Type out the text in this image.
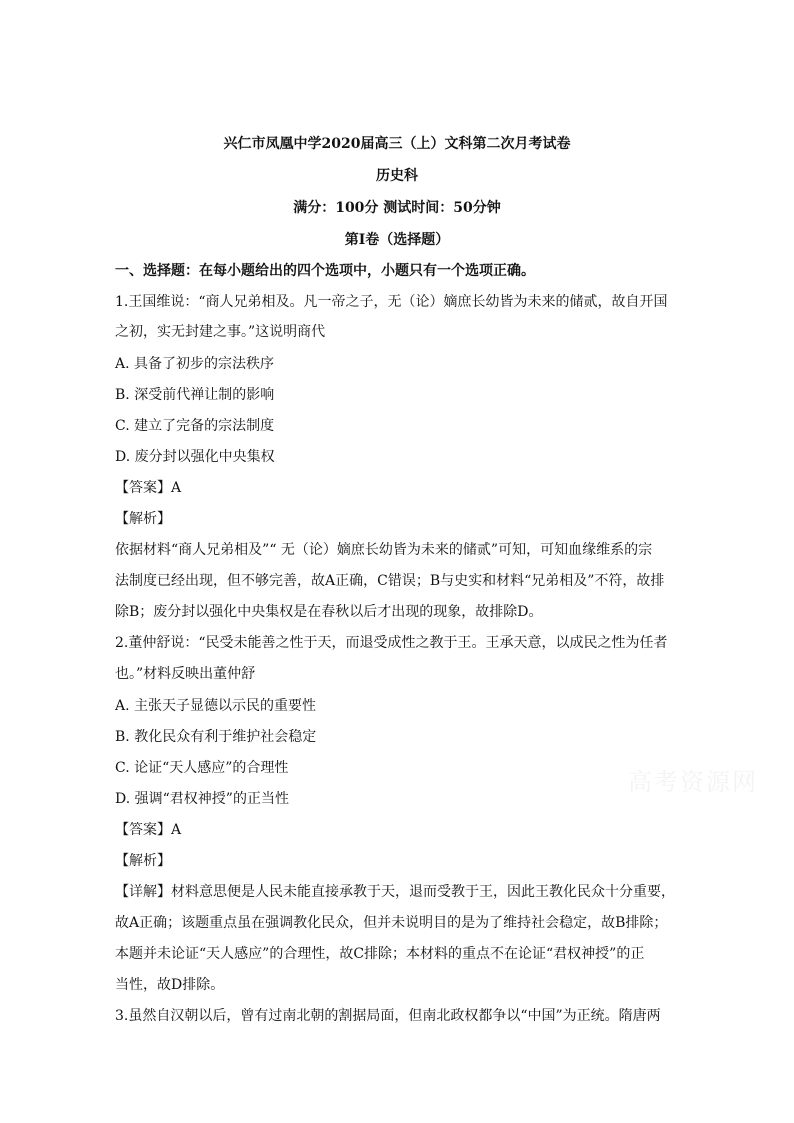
兴仁市凤凰中学2020届高三（上）文科第二次月考试卷
历史科
满分：100分 测试时间：50分钟
第Ⅰ卷（选择题）
一、选择题：在每小题给出的四个选项中，小题只有一个选项正确。
1.王国维说：“商人兄弟相及。凡一帝之子，无（论）嫡庶长幼皆为未来的储贰，故自开国
之初，实无封建之事。”这说明商代
A. 具备了初步的宗法秩序
B. 深受前代禅让制的影响
C. 建立了完备的宗法制度
D. 废分封以强化中央集权
【答案】A
【解析】
依据材料“商人兄弟相及”“ 无（论）嫡庶长幼皆为未来的储贰”可知，可知血缘维系的宗
法制度已经出现，但不够完善，故A正确，C错误；B与史实和材料“兄弟相及”不符，故排
除B；废分封以强化中央集权是在春秋以后才出现的现象，故排除D。
2.董仲舒说：“民受未能善之性于天，而退受成性之教于王。王承天意，以成民之性为任者
也。”材料反映出董仲舒
A. 主张天子显德以示民的重要性
B. 教化民众有利于维护社会稳定
C. 论证“天人感应”的合理性
D. 强调“君权神授”的正当性
【答案】A
【解析】
【详解】材料意思便是人民未能直接承教于天，退而受教于王，因此王教化民众十分重要，
故A正确；该题重点虽在强调教化民众，但并未说明目的是为了维持社会稳定，故B排除；
本题并未论证“天人感应”的合理性，故C排除；本材料的重点不在论证“君权神授”的正
当性，故D排除。
3.虽然自汉朝以后，曾有过南北朝的割据局面，但南北政权都争以“中国”为正统。隋唐两
高考资源网
